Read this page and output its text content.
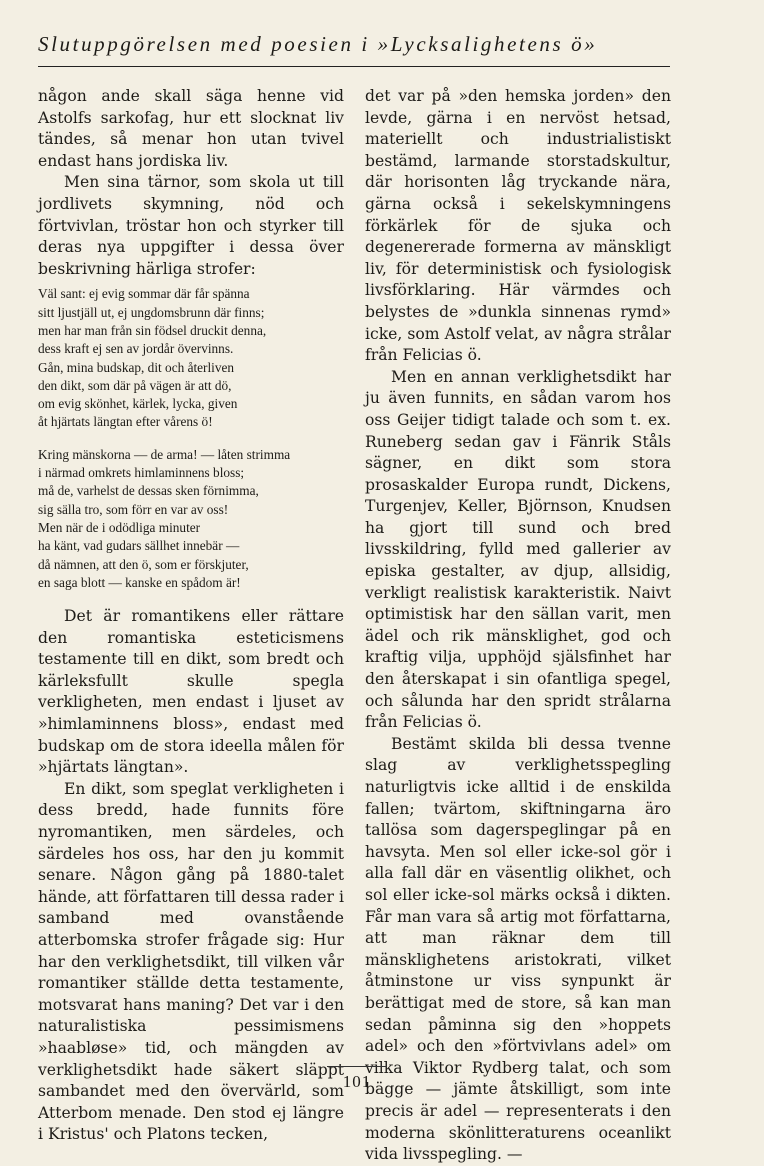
Slutuppgörelsen med poesien i »Lycksalighetens ö»

någon ande skall säga henne vid Astolfs sarkofag, hur ett slocknat liv tändes, så menar hon utan tvivel endast hans jordiska liv.

Men sina tärnor, som skola ut till jordlivets skymning, nöd och förtvivlan, tröstar hon och styrker till deras nya uppgifter i dessa över beskrivning härliga strofer:

Väl sant: ej evig sommar där får spänna
sitt ljustjäll ut, ej ungdomsbrunn där finns;
men har man från sin födsel druckit denna,
dess kraft ej sen av jordår övervinns.
Gån, mina budskap, dit och återliven
den dikt, som där på vägen är att dö,
om evig skönhet, kärlek, lycka, given
åt hjärtats längtan efter vårens ö!
Kring mänskorna — de arma! — låten strimma
i närmad omkrets himlaminnens bloss;
må de, varhelst de dessas sken förnimma,
sig sälla tro, som förr en var av oss!
Men när de i odödliga minuter
ha känt, vad gudars sällhet innebär —
då nämnen, att den ö, som er förskjuter,
en saga blott — kanske en spådom är!

Det är romantikens eller rättare den romantiska esteticismens testamente till en dikt, som bredt och kärleksfullt skulle spegla verkligheten, men endast i ljuset av »himlaminnens bloss», endast med budskap om de stora ideella målen för »hjärtats längtan».

En dikt, som speglat verkligheten i dess bredd, hade funnits före nyromantiken, men särdeles, och särdeles hos oss, har den ju kommit senare. Någon gång på 1880-talet hände, att författaren till dessa rader i samband med ovanstående atterbomska strofer frågade sig: Hur har den verklighetsdikt, till vilken vår romantiker ställde detta testamente, motsvarat hans maning? Det var i den naturalistiska pessimismens »haabløse» tid, och mängden av verklighetsdikt hade säkert släppt sambandet med den övervärld, som Atterbom menade. Den stod ej längre i Kristus' och Platons tecken,

det var på »den hemska jorden» den levde, gärna i en nervöst hetsad, materiellt och industrialistiskt bestämd, larmande storstadskultur, där horisonten låg tryckande nära, gärna också i sekelskymningens förkärlek för de sjuka och degenererade formerna av mänskligt liv, för deterministisk och fysiologisk livsförklaring. Här värmdes och belystes de »dunkla sinnenas rymd» icke, som Astolf velat, av några strålar från Felicias ö.

Men en annan verklighetsdikt har ju även funnits, en sådan varom hos oss Geijer tidigt talade och som t. ex. Runeberg sedan gav i Fänrik Ståls sägner, en dikt som stora prosaskalder Europa rundt, Dickens, Turgenjev, Keller, Björnson, Knudsen ha gjort till sund och bred livsskildring, fylld med gallerier av episka gestalter, av djup, allsidig, verkligt realistisk karakteristik. Naivt optimistisk har den sällan varit, men ädel och rik mänsklighet, god och kraftig vilja, upphöjd själsfinhet har den återskapat i sin ofantliga spegel, och sålunda har den spridt strålarna från Felicias ö.

Bestämt skilda bli dessa tvenne slag av verklighetsspegling naturligtvis icke alltid i de enskilda fallen; tvärtom, skiftningarna äro tallösa som dagerspeglingar på en havsyta. Men sol eller icke-sol gör i alla fall där en väsentlig olikhet, och sol eller icke-sol märks också i dikten. Får man vara så artig mot författarna, att man räknar dem till mänsklighetens aristokrati, vilket åtminstone ur viss synpunkt är berättigat med de store, så kan man sedan påminna sig den »hoppets adel» och den »förtvivlans adel» om vilka Viktor Rydberg talat, och som bägge — jämte åtskilligt, som inte precis är adel — representerats i den moderna skönlitteraturens oceanlikt vida livsspegling. —

101
